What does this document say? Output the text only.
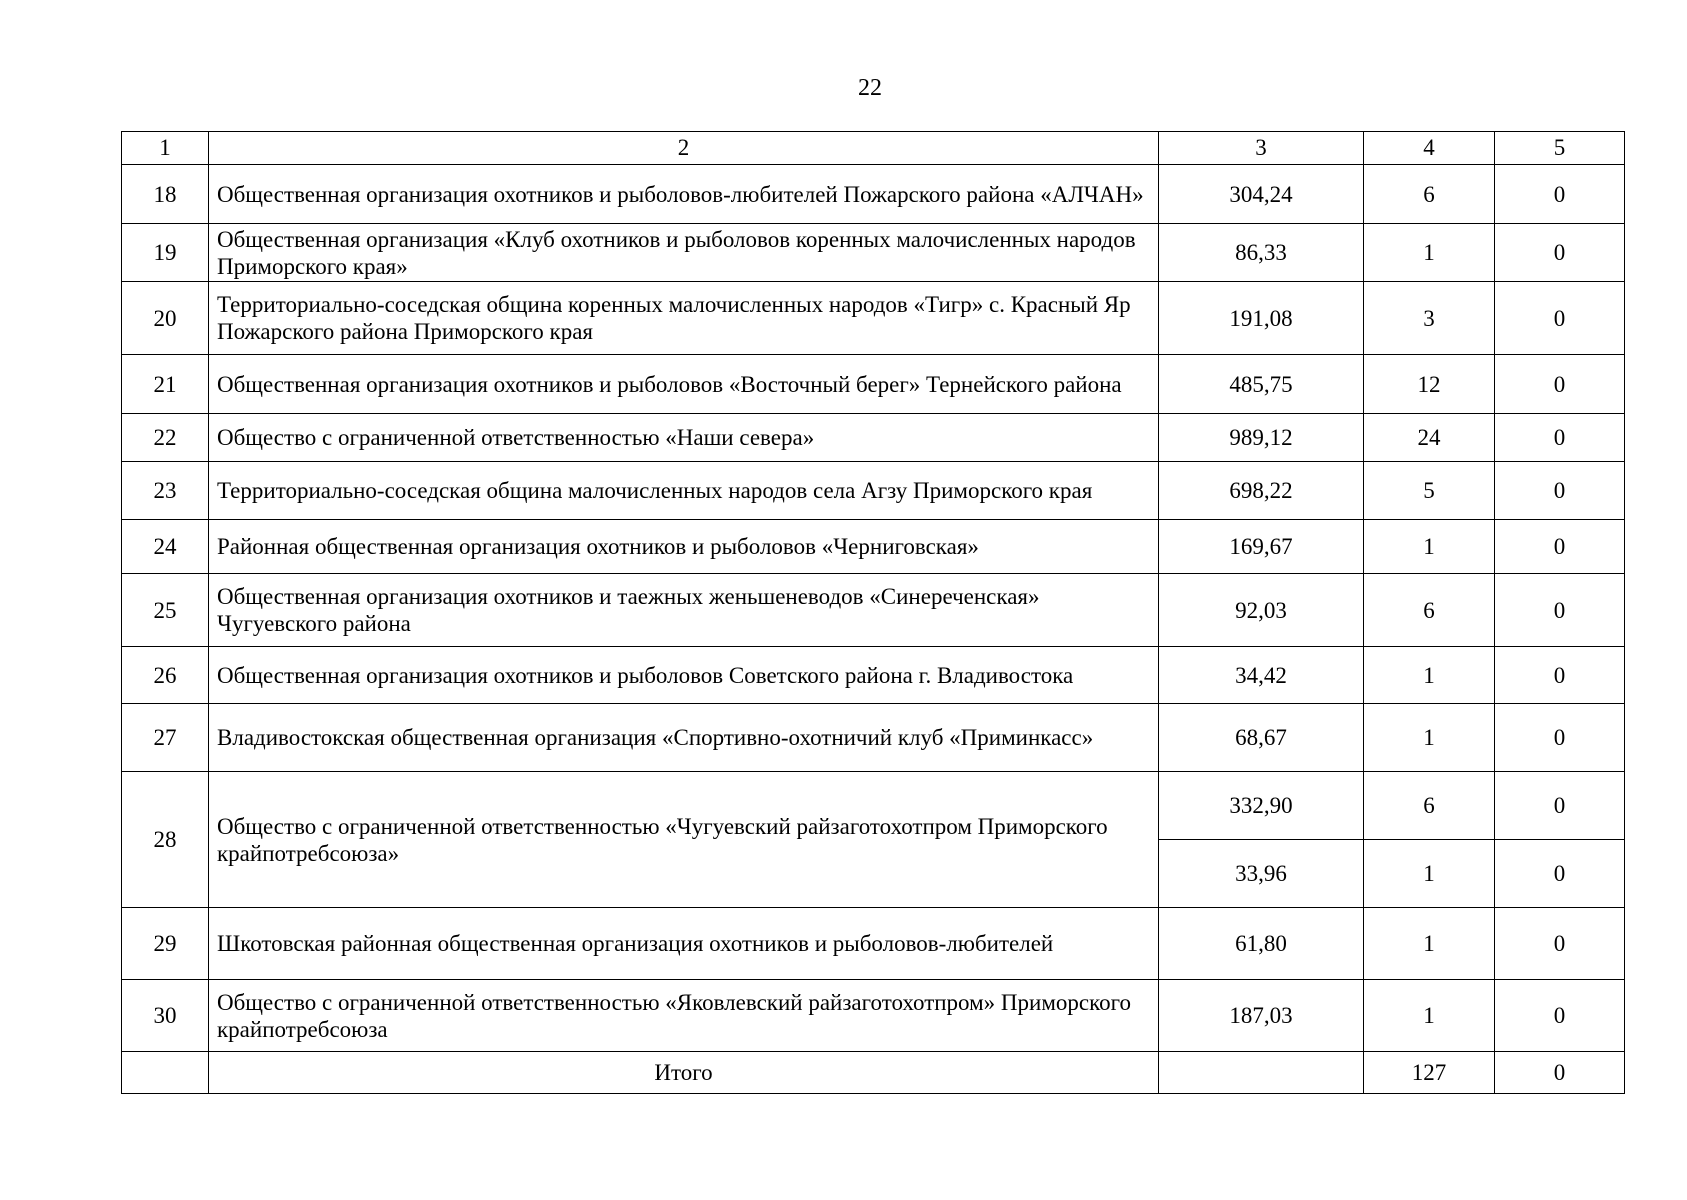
22
1	2	3	4	5
18	Общественная организация охотников и рыболовов-любителей Пожарского района «АЛЧАН»	304,24	6	0
19	Общественная организация «Клуб охотников и рыболовов коренных малочисленных народов Приморского края»	86,33	1	0
20	Территориально-соседская община коренных малочисленных народов «Тигр» с. Красный Яр Пожарского района Приморского края	191,08	3	0
21	Общественная организация охотников и рыболовов «Восточный берег» Тернейского района	485,75	12	0
22	Общество с ограниченной ответственностью «Наши севера»	989,12	24	0
23	Территориально-соседская община малочисленных народов села Агзу Приморского края	698,22	5	0
24	Районная общественная организация охотников и рыболовов «Черниговская»	169,67	1	0
25	Общественная организация охотников и таежных женьшеневодов «Синереченская» Чугуевского района	92,03	6	0
26	Общественная организация охотников и рыболовов Советского района г. Владивостока	34,42	1	0
27	Владивостокская общественная организация «Спортивно-охотничий клуб «Приминкасс»	68,67	1	0
28	Общество с ограниченной ответственностью «Чугуевский райзаготохотпром Приморского крайпотребсоюза»	332,90	6	0
		33,96	1	0
29	Шкотовская районная общественная организация охотников и рыболовов-любителей	61,80	1	0
30	Общество с ограниченной ответственностью «Яковлевский райзаготохотпром» Приморского крайпотребсоюза	187,03	1	0
	Итого		127	0
